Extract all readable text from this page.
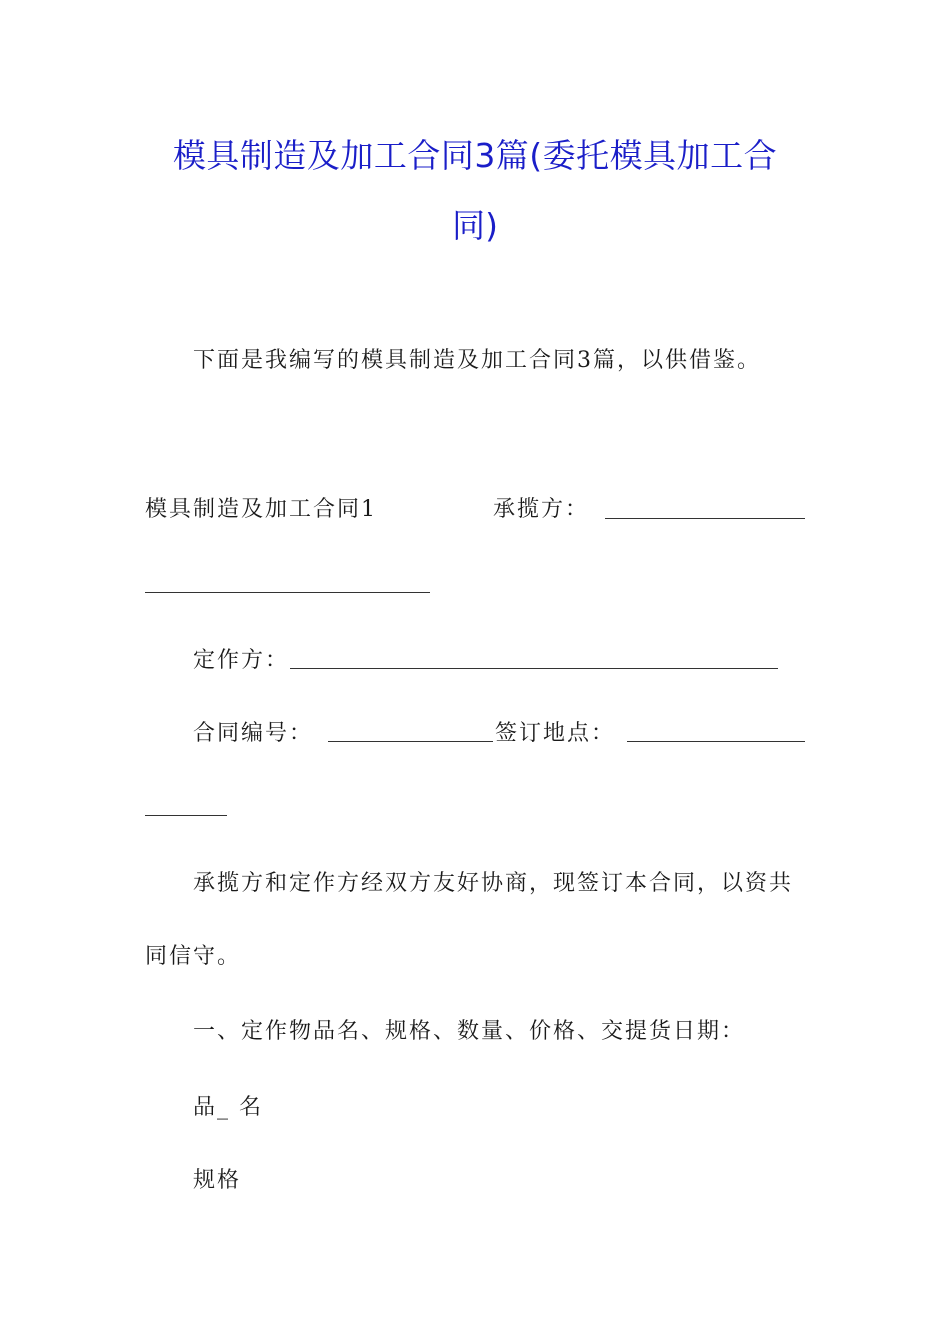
模具制造及加工合同3篇(委托模具加工合
同)
下面是我编写的模具制造及加工合同3篇，以供借鉴。
模具制造及加工合同1	承揽方：
定作方：
合同编号：	签订地点：
承揽方和定作方经双方友好协商，现签订本合同，以资共
同信守。
一、定作物品名、规格、数量、价格、交提货日期：
品_ 名
规格
